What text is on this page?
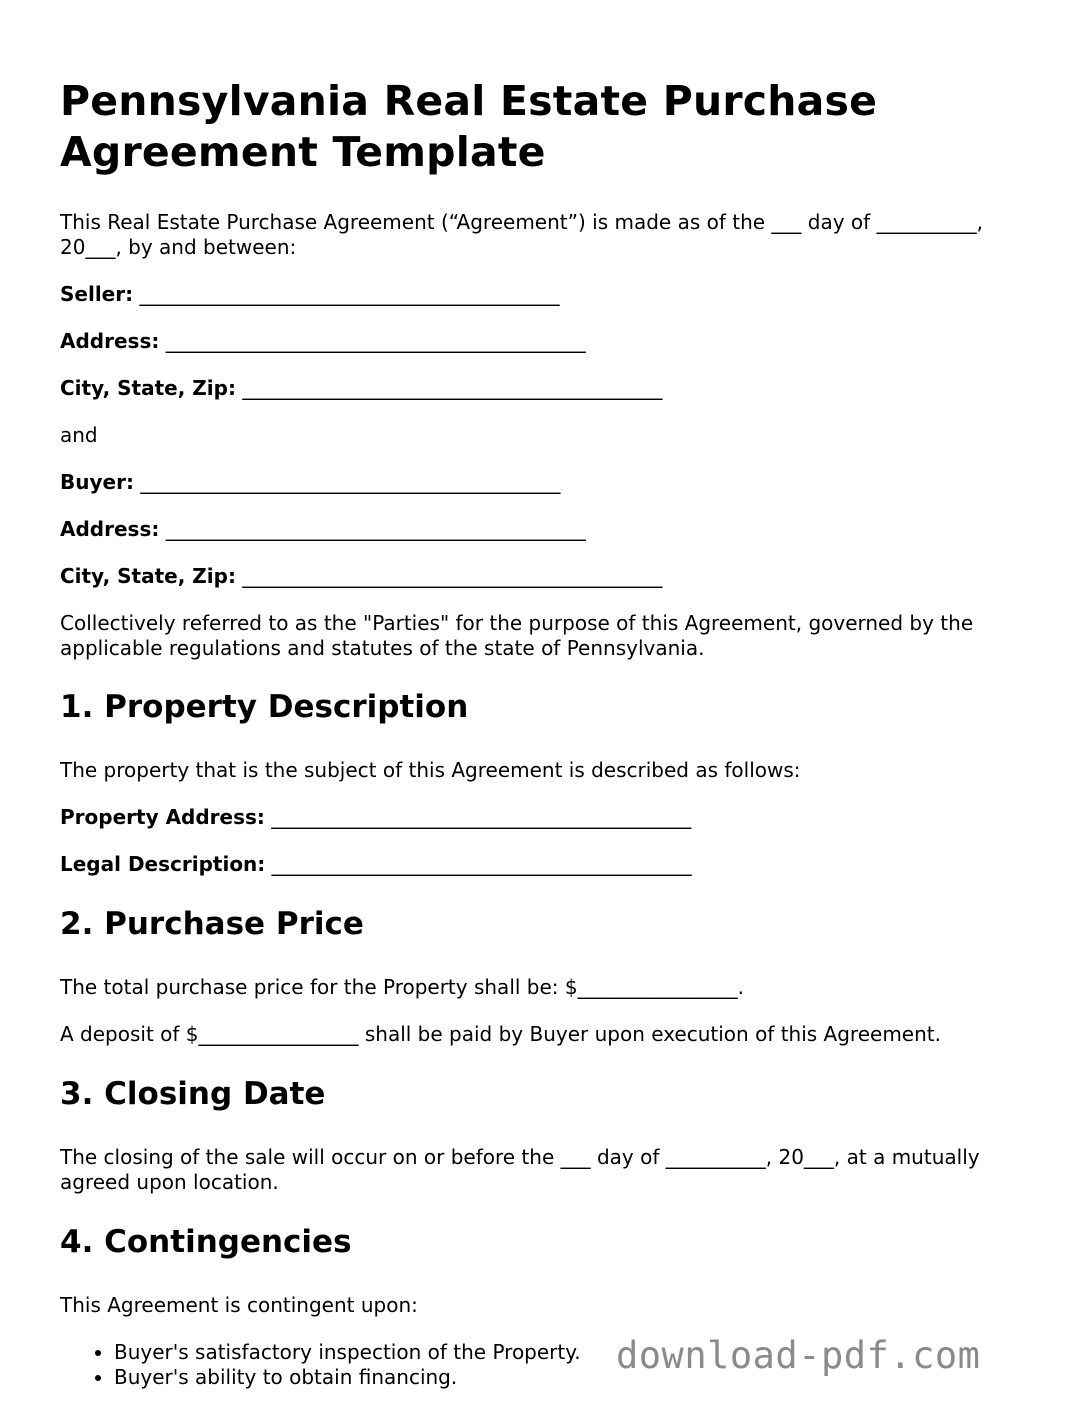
Pennsylvania Real Estate Purchase Agreement Template

This Real Estate Purchase Agreement (“Agreement”) is made as of the ___ day of __________, 20___, by and between:

Seller: __________________________________________
Address: __________________________________________
City, State, Zip: __________________________________________

and

Buyer: __________________________________________
Address: __________________________________________
City, State, Zip: __________________________________________

Collectively referred to as the "Parties" for the purpose of this Agreement, governed by the applicable regulations and statutes of the state of Pennsylvania.

1. Property Description

The property that is the subject of this Agreement is described as follows:

Property Address: __________________________________________
Legal Description: __________________________________________
2. Purchase Price

The total purchase price for the Property shall be: $________________.

A deposit of $________________ shall be paid by Buyer upon execution of this Agreement.

3. Closing Date

The closing of the sale will occur on or before the ___ day of __________, 20___, at a mutually agreed upon location.

4. Contingencies

This Agreement is contingent upon:

• Buyer's satisfactory inspection of the Property.
• Buyer's ability to obtain financing.	download-pdf.com
